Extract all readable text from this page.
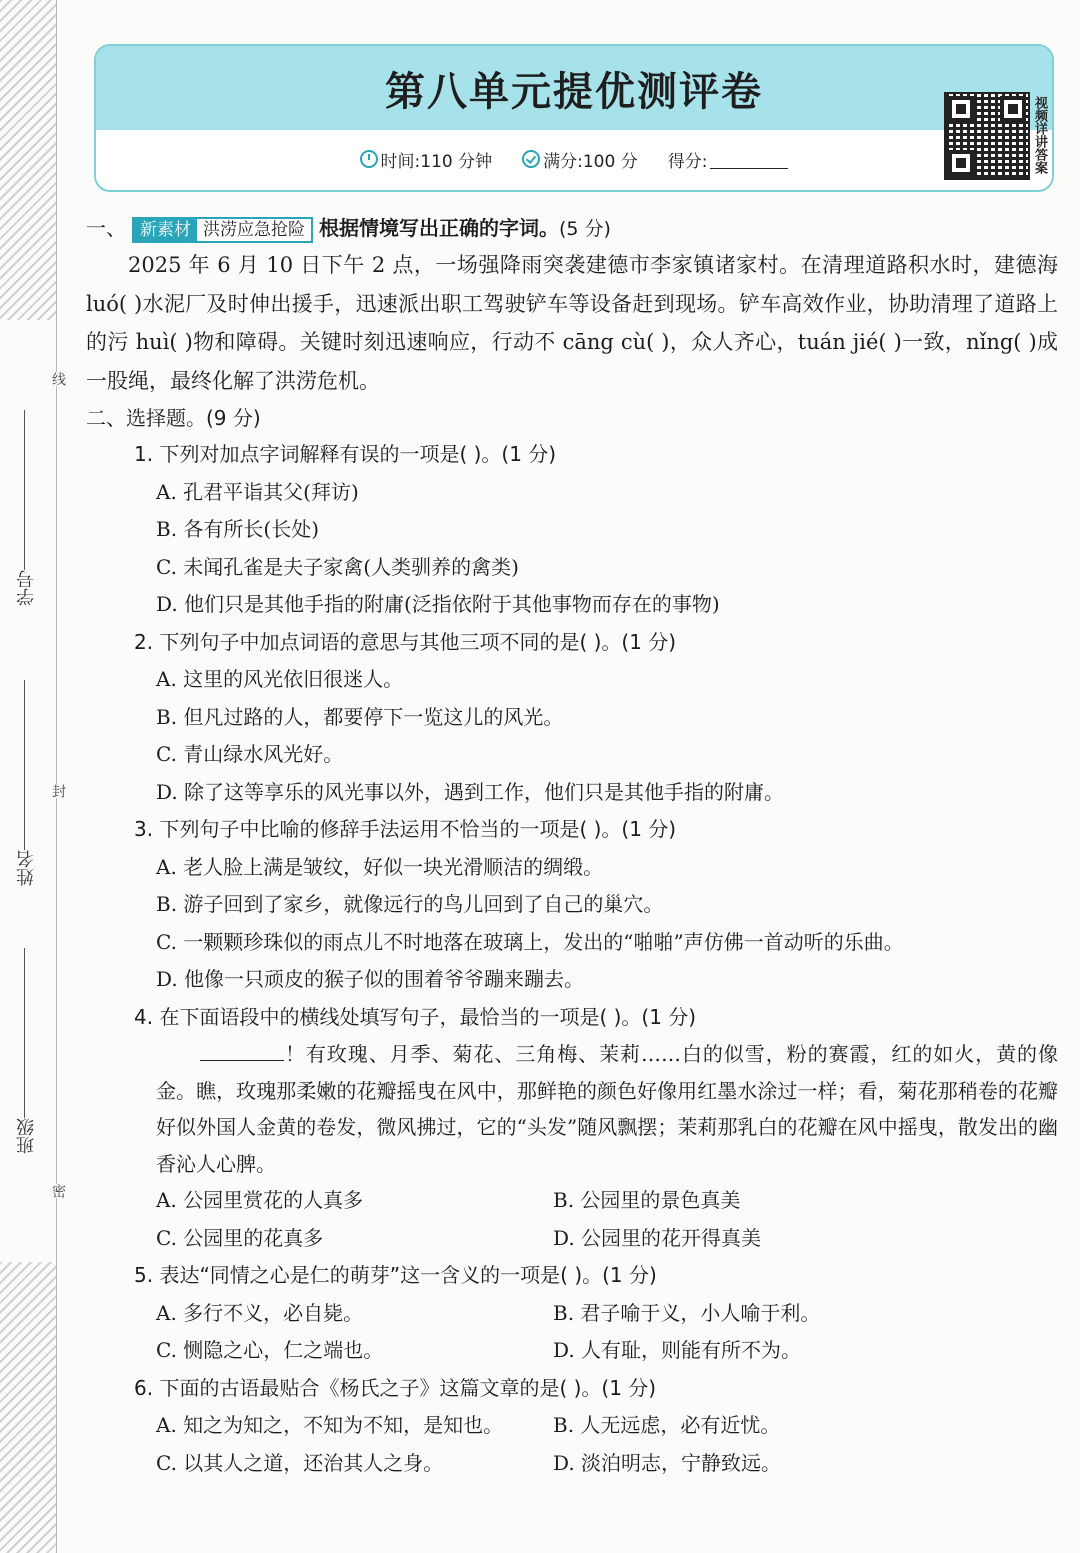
线
封
密
学号
姓名
班级
第八单元提优测评卷
时间:110 分钟	满分:100 分 得分:	视频详讲答案
一、 新素材 洪涝应急抢险 根据情境写出正确的字词。(5 分)

2025 年 6 月 10 日下午 2 点，一场强降雨突袭建德市李家镇诸家村。在清理道路积水时，建德海 luó( )水泥厂及时伸出援手，迅速派出职工驾驶铲车等设备赶到现场。铲车高效作业，协助清理了道路上的污 huì( )物和障碍。关键时刻迅速响应，行动不 cāng cù( )，众人齐心，tuán jié( )一致，nǐng( )成一股绳，最终化解了洪涝危机。

二、选择题。(9 分)
1. 下列对加点字词解释有误的一项是( )。(1 分)
A. 孔君平诣其父(拜访)
B. 各有所长(长处)
C. 未闻孔雀是夫子家禽(人类驯养的禽类)
D. 他们只是其他手指的附庸(泛指依附于其他事物而存在的事物)
2. 下列句子中加点词语的意思与其他三项不同的是( )。(1 分)
A. 这里的风光依旧很迷人。
B. 但凡过路的人，都要停下一览这儿的风光。
C. 青山绿水风光好。
D. 除了这等享乐的风光事以外，遇到工作，他们只是其他手指的附庸。
3. 下列句子中比喻的修辞手法运用不恰当的一项是( )。(1 分)
A. 老人脸上满是皱纹，好似一块光滑顺洁的绸缎。
B. 游子回到了家乡，就像远行的鸟儿回到了自己的巢穴。
C. 一颗颗珍珠似的雨点儿不时地落在玻璃上，发出的“啪啪”声仿佛一首动听的乐曲。
D. 他像一只顽皮的猴子似的围着爷爷蹦来蹦去。
4. 在下面语段中的横线处填写句子，最恰当的一项是( )。(1 分)
！有玫瑰、月季、菊花、三角梅、茉莉……白的似雪，粉的赛霞，红的如火，黄的像金。瞧，玫瑰那柔嫩的花瓣摇曳在风中，那鲜艳的颜色好像用红墨水涂过一样；看，菊花那稍卷的花瓣好似外国人金黄的卷发，微风拂过，它的“头发”随风飘摆；茉莉那乳白的花瓣在风中摇曳，散发出的幽香沁人心脾。
A. 公园里赏花的人真多	B. 公园里的景色真美
C. 公园里的花真多	D. 公园里的花开得真美
5. 表达“同情之心是仁的萌芽”这一含义的一项是( )。(1 分)
A. 多行不义，必自毙。	B. 君子喻于义，小人喻于利。
C. 恻隐之心，仁之端也。	D. 人有耻，则能有所不为。
6. 下面的古语最贴合《杨氏之子》这篇文章的是( )。(1 分)
A. 知之为知之，不知为不知，是知也。	B. 人无远虑，必有近忧。
C. 以其人之道，还治其人之身。	D. 淡泊明志，宁静致远。
